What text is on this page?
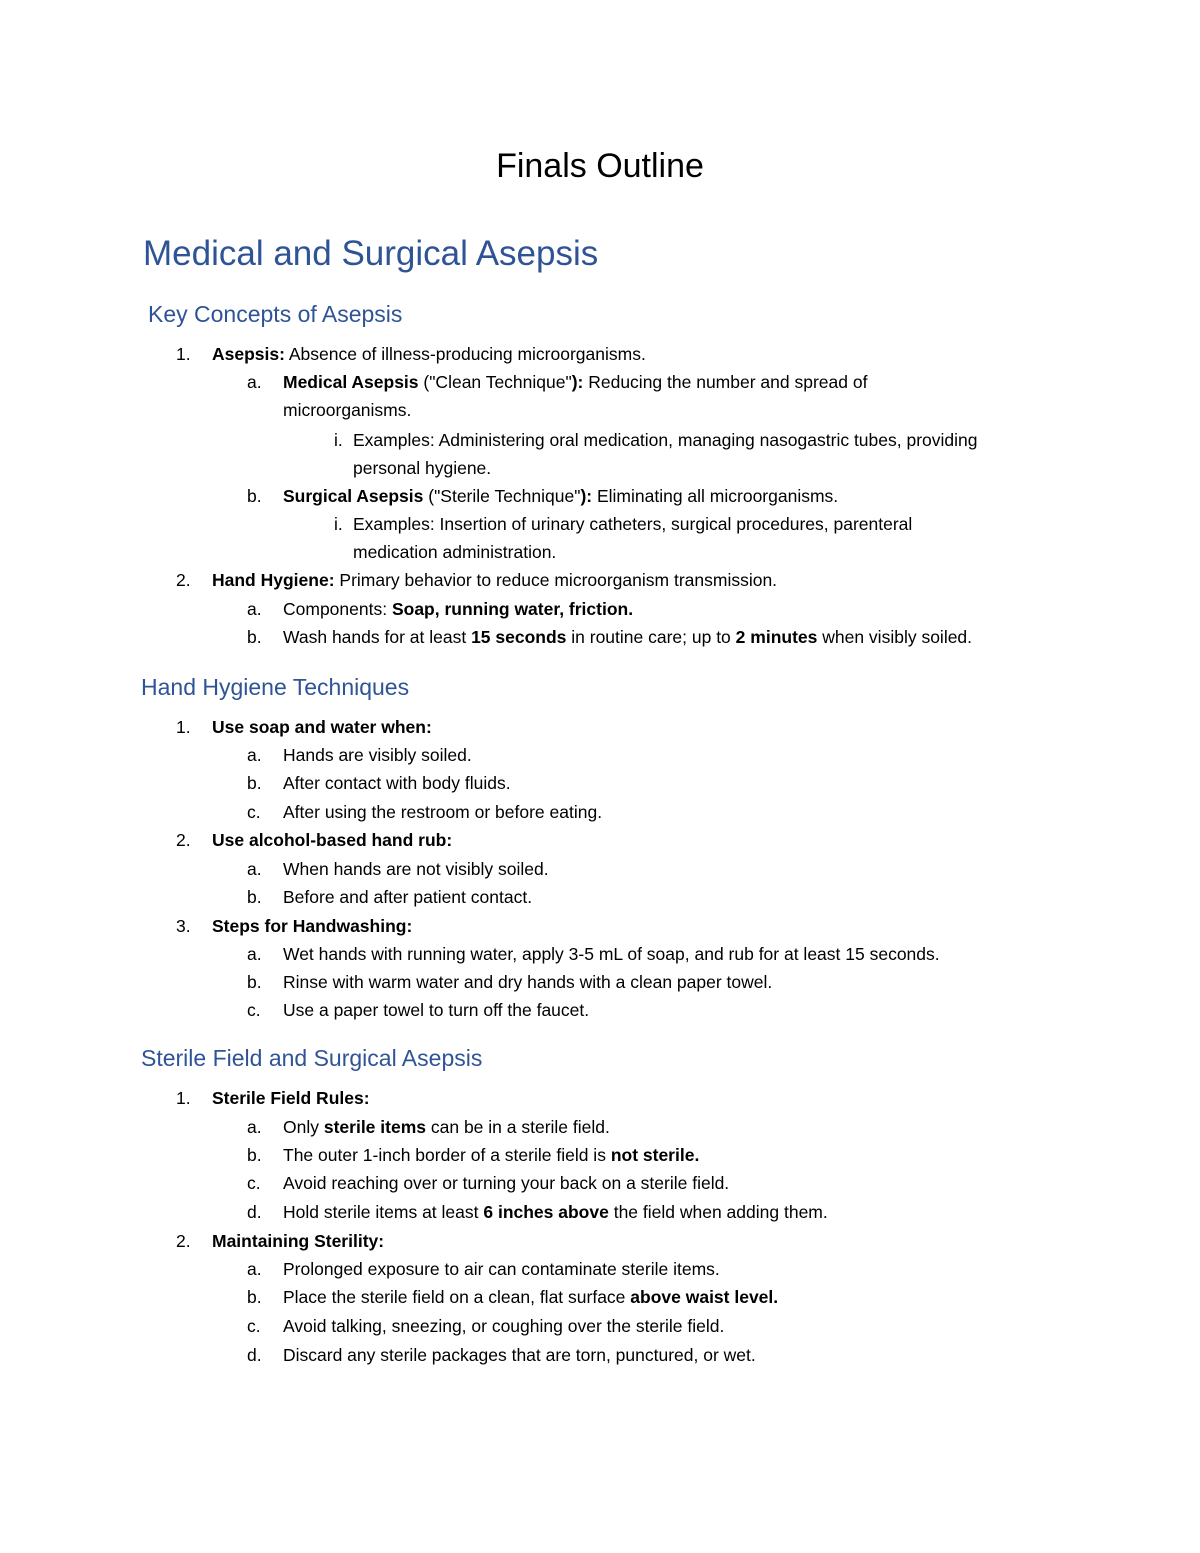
Finals Outline
Medical and Surgical Asepsis
Key Concepts of Asepsis
1. Asepsis: Absence of illness-producing microorganisms.
a. Medical Asepsis ("Clean Technique"): Reducing the number and spread of
microorganisms.
i. Examples: Administering oral medication, managing nasogastric tubes, providing
personal hygiene.
b. Surgical Asepsis ("Sterile Technique"): Eliminating all microorganisms.
i. Examples: Insertion of urinary catheters, surgical procedures, parenteral
medication administration.
2. Hand Hygiene: Primary behavior to reduce microorganism transmission.
a. Components: Soap, running water, friction.
b. Wash hands for at least 15 seconds in routine care; up to 2 minutes when visibly soiled.
Hand Hygiene Techniques
1. Use soap and water when:
a. Hands are visibly soiled.
b. After contact with body fluids.
c. After using the restroom or before eating.
2. Use alcohol-based hand rub:
a. When hands are not visibly soiled.
b. Before and after patient contact.
3. Steps for Handwashing:
a. Wet hands with running water, apply 3-5 mL of soap, and rub for at least 15 seconds.
b. Rinse with warm water and dry hands with a clean paper towel.
c. Use a paper towel to turn off the faucet.
Sterile Field and Surgical Asepsis
1. Sterile Field Rules:
a. Only sterile items can be in a sterile field.
b. The outer 1-inch border of a sterile field is not sterile.
c. Avoid reaching over or turning your back on a sterile field.
d. Hold sterile items at least 6 inches above the field when adding them.
2. Maintaining Sterility:
a. Prolonged exposure to air can contaminate sterile items.
b. Place the sterile field on a clean, flat surface above waist level.
c. Avoid talking, sneezing, or coughing over the sterile field.
d. Discard any sterile packages that are torn, punctured, or wet.
